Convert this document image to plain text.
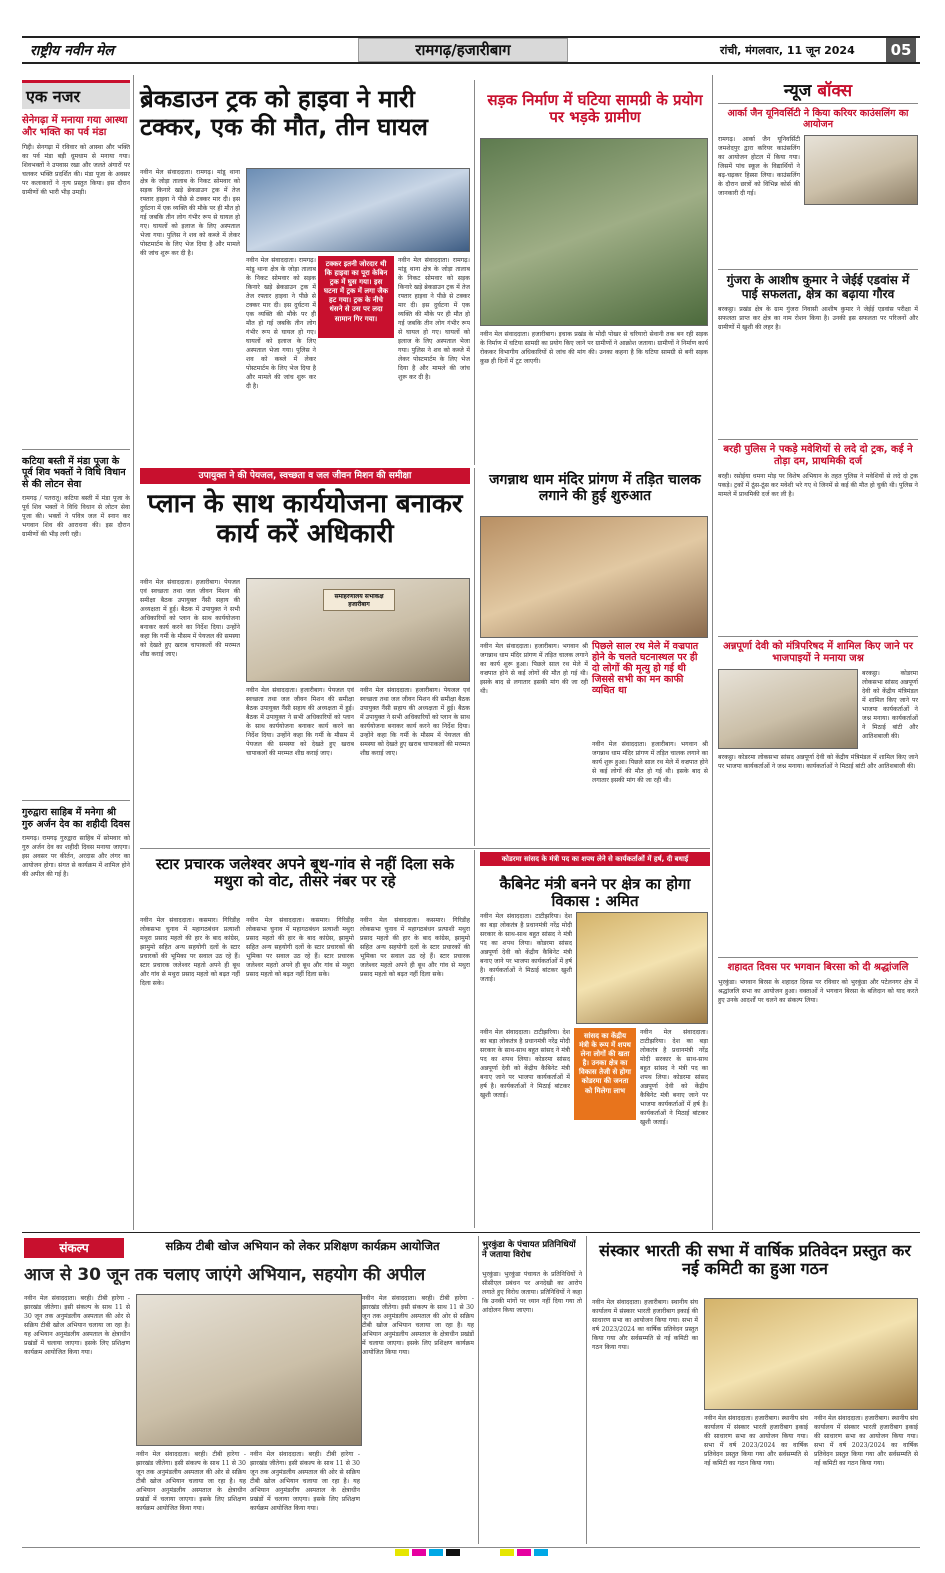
राष्ट्रीय नवीन मेल	रामगढ़/हजारीबाग	रांची, मंगलवार, 11 जून 2024	05
एक नजर
सेनेगढ़ा में मनाया गया आस्था और भक्ति का पर्व मंडा
गिद्दी। सेनगढ़ा में रविवार को आस्था और भक्ति का पर्व मंडा बड़ी धूमधाम से मनाया गया। शिवभक्तों ने उपवास रखा और जलते अंगारों पर चलकर भक्ति प्रदर्शित की। मंडा पूजा के अवसर पर कलाकारों ने नृत्य प्रस्तुत किया। इस दौरान ग्रामीणों की भारी भीड़ उमड़ी।
कटिया बस्ती में मंडा पूजा के पूर्व शिव भक्तों ने विधि विधान से की लोटन सेवा
रामगढ़ / पतरातू। कटिया बस्ती में मंडा पूजा के पूर्व शिव भक्तों ने विधि विधान से लोटन सेवा पूजा की। भक्तों ने पवित्र जल में स्नान कर भगवान शिव की आराधना की। इस दौरान ग्रामीणों की भीड़ लगी रही।
गुरुद्वारा साहिब में मनेगा श्री गुरु अर्जन देव का शहीदी दिवस
रामगढ़। रामगढ़ गुरुद्वारा साहिब में सोमवार को गुरु अर्जन देव का शहीदी दिवस मनाया जाएगा। इस अवसर पर कीर्तन, अरदास और लंगर का आयोजन होगा। संगत से कार्यक्रम में शामिल होने की अपील की गई है।
ब्रेकडाउन ट्रक को हाइवा ने मारी टक्कर, एक की मौत, तीन घायल
नवीन मेल संवाददाता। रामगढ़। मांडू थाना क्षेत्र के जोड़ा तालाब के निकट सोमवार को सड़क किनारे खड़े ब्रेकडाउन ट्रक में तेज रफ्तार हाइवा ने पीछे से टक्कर मार दी। इस दुर्घटना में एक व्यक्ति की मौके पर ही मौत हो गई जबकि तीन लोग गंभीर रूप से घायल हो गए। घायलों को इलाज के लिए अस्पताल भेजा गया। पुलिस ने शव को कब्जे में लेकर पोस्टमार्टम के लिए भेज दिया है और मामले की जांच शुरू कर दी है।
नवीन मेल संवाददाता। रामगढ़। मांडू थाना क्षेत्र के जोड़ा तालाब के निकट सोमवार को सड़क किनारे खड़े ब्रेकडाउन ट्रक में तेज रफ्तार हाइवा ने पीछे से टक्कर मार दी। इस दुर्घटना में एक व्यक्ति की मौके पर ही मौत हो गई जबकि तीन लोग गंभीर रूप से घायल हो गए। घायलों को इलाज के लिए अस्पताल भेजा गया। पुलिस ने शव को कब्जे में लेकर पोस्टमार्टम के लिए भेज दिया है और मामले की जांच शुरू कर दी है।
टक्कर इतनी जोरदार थी कि हाइवा का पूरा केबिन ट्रक में घुस गया। इस घटना में ट्रक में लगा जैक हट गया। ट्रक के नीचे धंसने से उस पर लदा सामान गिर गया।
नवीन मेल संवाददाता। रामगढ़। मांडू थाना क्षेत्र के जोड़ा तालाब के निकट सोमवार को सड़क किनारे खड़े ब्रेकडाउन ट्रक में तेज रफ्तार हाइवा ने पीछे से टक्कर मार दी। इस दुर्घटना में एक व्यक्ति की मौके पर ही मौत हो गई जबकि तीन लोग गंभीर रूप से घायल हो गए। घायलों को इलाज के लिए अस्पताल भेजा गया। पुलिस ने शव को कब्जे में लेकर पोस्टमार्टम के लिए भेज दिया है और मामले की जांच शुरू कर दी है।
सड़क निर्माण में घटिया सामग्री के प्रयोग पर भड़के ग्रामीण
नवीन मेल संवाददाता। हजारीबाग। इचाक प्रखंड के मोदी पोखर से चरियारो सेवानी तक बन रही सड़क के निर्माण में घटिया सामग्री का प्रयोग किए जाने पर ग्रामीणों ने आक्रोश जताया। ग्रामीणों ने निर्माण कार्य रोककर विभागीय अधिकारियों से जांच की मांग की। उनका कहना है कि घटिया सामग्री से बनी सड़क कुछ ही दिनों में टूट जाएगी।
न्यूज बॉक्स
आर्का जैन यूनिवर्सिटी ने किया करियर काउंसलिंग का आयोजन
रामगढ़। आर्का जैन यूनिवर्सिटी जमशेदपुर द्वारा करियर काउंसलिंग का आयोजन होटल में किया गया। जिसमें पांच स्कूल के विद्यार्थियों ने बढ़-चढ़कर हिस्सा लिया। काउंसलिंग के दौरान छात्रों को विभिन्न कोर्स की जानकारी दी गई।
गुंजरा के आशीष कुमार ने जेईई एडवांस में पाई सफलता, क्षेत्र का बढ़ाया गौरव
बरकट्ठा। प्रखंड क्षेत्र के ग्राम गुंजरा निवासी आशीष कुमार ने जेईई एडवांस परीक्षा में सफलता प्राप्त कर क्षेत्र का नाम रोशन किया है। उनकी इस सफलता पर परिजनों और ग्रामीणों में खुशी की लहर है।
बरही पुलिस ने पकड़े मवेशियों से लदे दो ट्रक, कई ने तोड़ा दम, प्राथमिकी दर्ज
बरही। रसोईया धमना मोड़ पर विशेष अभियान के तहत पुलिस ने मवेशियों से लदे दो ट्रक पकड़े। ट्रकों में ठूंस-ठूंस कर मवेशी भरे गए थे जिनमें से कई की मौत हो चुकी थी। पुलिस ने मामले में प्राथमिकी दर्ज कर ली है।
अन्नपूर्णा देवी को मंत्रिपरिषद में शामिल किए जाने पर भाजपाइयों ने मनाया जश्न
बरकट्ठा। कोडरमा लोकसभा सांसद अन्नपूर्णा देवी को केंद्रीय मंत्रिमंडल में शामिल किए जाने पर भाजपा कार्यकर्ताओं ने जश्न मनाया। कार्यकर्ताओं ने मिठाई बांटी और आतिशबाजी की।
बरकट्ठा। कोडरमा लोकसभा सांसद अन्नपूर्णा देवी को केंद्रीय मंत्रिमंडल में शामिल किए जाने पर भाजपा कार्यकर्ताओं ने जश्न मनाया। कार्यकर्ताओं ने मिठाई बांटी और आतिशबाजी की।
शहादत दिवस पर भगवान बिरसा को दी श्रद्धांजलि
भुरकुंडा। भगवान बिरसा के शहादत दिवस पर रविवार को भुरकुंडा और पटेलनगर क्षेत्र में श्रद्धांजलि सभा का आयोजन हुआ। वक्ताओं ने भगवान बिरसा के बलिदान को याद करते हुए उनके आदर्शों पर चलने का संकल्प लिया।
उपायुक्त ने की पेयजल, स्वच्छता व जल जीवन मिशन की समीक्षा
प्लान के साथ कार्ययोजना बनाकर कार्य करें अधिकारी
नवीन मेल संवाददाता। हजारीबाग। पेयजल एवं स्वच्छता तथा जल जीवन मिशन की समीक्षा बैठक उपायुक्त नैंसी सहाय की अध्यक्षता में हुई। बैठक में उपायुक्त ने सभी अधिकारियों को प्लान के साथ कार्ययोजना बनाकर कार्य करने का निर्देश दिया। उन्होंने कहा कि गर्मी के मौसम में पेयजल की समस्या को देखते हुए खराब चापाकलों की मरम्मत शीघ्र कराई जाए।
समाहरणालय सभाकक्ष हजारीबाग
नवीन मेल संवाददाता। हजारीबाग। पेयजल एवं स्वच्छता तथा जल जीवन मिशन की समीक्षा बैठक उपायुक्त नैंसी सहाय की अध्यक्षता में हुई। बैठक में उपायुक्त ने सभी अधिकारियों को प्लान के साथ कार्ययोजना बनाकर कार्य करने का निर्देश दिया। उन्होंने कहा कि गर्मी के मौसम में पेयजल की समस्या को देखते हुए खराब चापाकलों की मरम्मत शीघ्र कराई जाए।
नवीन मेल संवाददाता। हजारीबाग। पेयजल एवं स्वच्छता तथा जल जीवन मिशन की समीक्षा बैठक उपायुक्त नैंसी सहाय की अध्यक्षता में हुई। बैठक में उपायुक्त ने सभी अधिकारियों को प्लान के साथ कार्ययोजना बनाकर कार्य करने का निर्देश दिया। उन्होंने कहा कि गर्मी के मौसम में पेयजल की समस्या को देखते हुए खराब चापाकलों की मरम्मत शीघ्र कराई जाए।
जगन्नाथ धाम मंदिर प्रांगण में तड़ित चालक लगाने की हुई शुरुआत
नवीन मेल संवाददाता। हजारीबाग। भगवान श्री जगन्नाथ धाम मंदिर प्रांगण में तड़ित चालक लगाने का कार्य शुरू हुआ। पिछले साल रथ मेले में वज्रपात होने से कई लोगों की मौत हो गई थी। इसके बाद से लगातार इसकी मांग की जा रही थी।
पिछले साल रथ मेले में वज्रपात होने के चलते घटनास्थल पर ही दो लोगों की मृत्यु हो गई थी जिससे सभी का मन काफी व्यथित था
नवीन मेल संवाददाता। हजारीबाग। भगवान श्री जगन्नाथ धाम मंदिर प्रांगण में तड़ित चालक लगाने का कार्य शुरू हुआ। पिछले साल रथ मेले में वज्रपात होने से कई लोगों की मौत हो गई थी। इसके बाद से लगातार इसकी मांग की जा रही थी।
स्टार प्रचारक जलेश्वर अपने बूथ-गांव से नहीं दिला सके मथुरा को वोट, तीसरे नंबर पर रहे
नवीन मेल संवाददाता। कसमार। गिरिडीह लोकसभा चुनाव में महागठबंधन प्रत्याशी मथुरा प्रसाद महतो की हार के बाद कांग्रेस, झामुमो सहित अन्य सहयोगी दलों के स्टार प्रचारकों की भूमिका पर सवाल उठ रहे हैं। स्टार प्रचारक जलेश्वर महतो अपने ही बूथ और गांव से मथुरा प्रसाद महतो को बढ़त नहीं दिला सके।
नवीन मेल संवाददाता। कसमार। गिरिडीह लोकसभा चुनाव में महागठबंधन प्रत्याशी मथुरा प्रसाद महतो की हार के बाद कांग्रेस, झामुमो सहित अन्य सहयोगी दलों के स्टार प्रचारकों की भूमिका पर सवाल उठ रहे हैं। स्टार प्रचारक जलेश्वर महतो अपने ही बूथ और गांव से मथुरा प्रसाद महतो को बढ़त नहीं दिला सके।
नवीन मेल संवाददाता। कसमार। गिरिडीह लोकसभा चुनाव में महागठबंधन प्रत्याशी मथुरा प्रसाद महतो की हार के बाद कांग्रेस, झामुमो सहित अन्य सहयोगी दलों के स्टार प्रचारकों की भूमिका पर सवाल उठ रहे हैं। स्टार प्रचारक जलेश्वर महतो अपने ही बूथ और गांव से मथुरा प्रसाद महतो को बढ़त नहीं दिला सके।
कोडरमा सांसद के मंत्री पद का शपथ लेने से कार्यकर्ताओं में हर्ष, दी बधाई
कैबिनेट मंत्री बनने पर क्षेत्र का होगा विकास : अमित
नवीन मेल संवाददाता। टाटीझरिया। देश का बड़ा लोकतंत्र है प्रधानमंत्री नरेंद्र मोदी सरकार के साथ-साथ बहुत सांसद ने मंत्री पद का शपथ लिया। कोडरमा सांसद अन्नपूर्णा देवी को केंद्रीय कैबिनेट मंत्री बनाए जाने पर भाजपा कार्यकर्ताओं में हर्ष है। कार्यकर्ताओं ने मिठाई बांटकर खुशी जताई।
नवीन मेल संवाददाता। टाटीझरिया। देश का बड़ा लोकतंत्र है प्रधानमंत्री नरेंद्र मोदी सरकार के साथ-साथ बहुत सांसद ने मंत्री पद का शपथ लिया। कोडरमा सांसद अन्नपूर्णा देवी को केंद्रीय कैबिनेट मंत्री बनाए जाने पर भाजपा कार्यकर्ताओं में हर्ष है। कार्यकर्ताओं ने मिठाई बांटकर खुशी जताई।
सांसद का केंद्रीय मंत्री के रूप में शपथ लेना लोगों की खता है। उनका क्षेत्र का विकास तेजी से होगा कोडरमा की जनता को मिलेगा लाभ
नवीन मेल संवाददाता। टाटीझरिया। देश का बड़ा लोकतंत्र है प्रधानमंत्री नरेंद्र मोदी सरकार के साथ-साथ बहुत सांसद ने मंत्री पद का शपथ लिया। कोडरमा सांसद अन्नपूर्णा देवी को केंद्रीय कैबिनेट मंत्री बनाए जाने पर भाजपा कार्यकर्ताओं में हर्ष है। कार्यकर्ताओं ने मिठाई बांटकर खुशी जताई।
संकल्प	सक्रिय टीबी खोज अभियान को लेकर प्रशिक्षण कार्यक्रम आयोजित
आज से 30 जून तक चलाए जाएंगे अभियान, सहयोग की अपील
नवीन मेल संवाददाता। बरही। टीबी हारेगा - झारखंड जीतेगा। इसी संकल्प के साथ 11 से 30 जून तक अनुमंडलीय अस्पताल की ओर से सक्रिय टीबी खोज अभियान चलाया जा रहा है। यह अभियान अनुमंडलीय अस्पताल के क्षेत्राधीन प्रखंडों में चलाया जाएगा। इसके लिए प्रशिक्षण कार्यक्रम आयोजित किया गया।
नवीन मेल संवाददाता। बरही। टीबी हारेगा - झारखंड जीतेगा। इसी संकल्प के साथ 11 से 30 जून तक अनुमंडलीय अस्पताल की ओर से सक्रिय टीबी खोज अभियान चलाया जा रहा है। यह अभियान अनुमंडलीय अस्पताल के क्षेत्राधीन प्रखंडों में चलाया जाएगा। इसके लिए प्रशिक्षण कार्यक्रम आयोजित किया गया।
नवीन मेल संवाददाता। बरही। टीबी हारेगा - झारखंड जीतेगा। इसी संकल्प के साथ 11 से 30 जून तक अनुमंडलीय अस्पताल की ओर से सक्रिय टीबी खोज अभियान चलाया जा रहा है। यह अभियान अनुमंडलीय अस्पताल के क्षेत्राधीन प्रखंडों में चलाया जाएगा। इसके लिए प्रशिक्षण कार्यक्रम आयोजित किया गया।
नवीन मेल संवाददाता। बरही। टीबी हारेगा - झारखंड जीतेगा। इसी संकल्प के साथ 11 से 30 जून तक अनुमंडलीय अस्पताल की ओर से सक्रिय टीबी खोज अभियान चलाया जा रहा है। यह अभियान अनुमंडलीय अस्पताल के क्षेत्राधीन प्रखंडों में चलाया जाएगा। इसके लिए प्रशिक्षण कार्यक्रम आयोजित किया गया।
भुरकुंडा के पंचायत प्रतिनिधियों ने जताया विरोध
भुरकुंडा। भुरकुंडा पंचायत के प्रतिनिधियों ने सीसीएल प्रबंधन पर अनदेखी का आरोप लगाते हुए विरोध जताया। प्रतिनिधियों ने कहा कि उनकी मांगों पर ध्यान नहीं दिया गया तो आंदोलन किया जाएगा।
संस्कार भारती की सभा में वार्षिक प्रतिवेदन प्रस्तुत कर नई कमिटी का हुआ गठन
नवीन मेल संवाददाता। हजारीबाग। स्थानीय संघ कार्यालय में संस्कार भारती हजारीबाग इकाई की साधारण सभा का आयोजन किया गया। सभा में वर्ष 2023/2024 का वार्षिक प्रतिवेदन प्रस्तुत किया गया और सर्वसम्मति से नई कमिटी का गठन किया गया।
नवीन मेल संवाददाता। हजारीबाग। स्थानीय संघ कार्यालय में संस्कार भारती हजारीबाग इकाई की साधारण सभा का आयोजन किया गया। सभा में वर्ष 2023/2024 का वार्षिक प्रतिवेदन प्रस्तुत किया गया और सर्वसम्मति से नई कमिटी का गठन किया गया।
नवीन मेल संवाददाता। हजारीबाग। स्थानीय संघ कार्यालय में संस्कार भारती हजारीबाग इकाई की साधारण सभा का आयोजन किया गया। सभा में वर्ष 2023/2024 का वार्षिक प्रतिवेदन प्रस्तुत किया गया और सर्वसम्मति से नई कमिटी का गठन किया गया।
